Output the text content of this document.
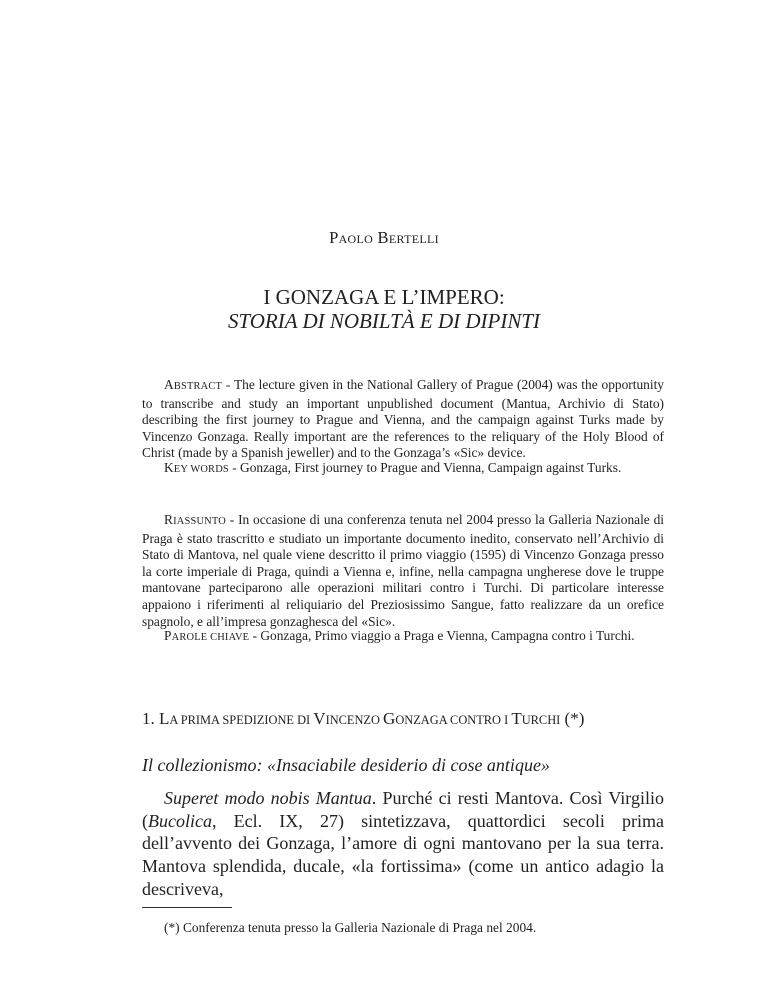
PAOLO BERTELLI
I GONZAGA E L’IMPERO:
STORIA DI NOBILTÀ E DI DIPINTI

ABSTRACT - The lecture given in the National Gallery of Prague (2004) was the opportunity to transcribe and study an important unpublished document (Mantua, Archivio di Stato) describing the first journey to Prague and Vienna, and the campaign against Turks made by Vincenzo Gonzaga. Really important are the references to the reliquary of the Holy Blood of Christ (made by a Spanish jeweller) and to the Gonzaga’s «Sic» device.

KEY WORDS - Gonzaga, First journey to Prague and Vienna, Campaign against Turks.

RIASSUNTO - In occasione di una conferenza tenuta nel 2004 presso la Galleria Nazionale di Praga è stato trascritto e studiato un importante documento inedito, conservato nell’Archivio di Stato di Mantova, nel quale viene descritto il primo viaggio (1595) di Vincenzo Gonzaga presso la corte imperiale di Praga, quindi a Vienna e, infine, nella campagna ungherese dove le truppe mantovane parteciparono alle operazioni militari contro i Turchi. Di particolare interesse appaiono i riferimenti al reliquiario del Preziosissimo Sangue, fatto realizzare da un orefice spagnolo, e all’impresa gonzaghesca del «Sic».

PAROLE CHIAVE - Gonzaga, Primo viaggio a Praga e Vienna, Campagna contro i Turchi.

1. LA PRIMA SPEDIZIONE DI VINCENZO GONZAGA CONTRO I TURCHI (*)
Il collezionismo: «Insaciabile desiderio di cose antique»

Superet modo nobis Mantua. Purché ci resti Mantova. Così Virgilio (Bucolica, Ecl. IX, 27) sintetizzava, quattordici secoli prima dell’avvento dei Gonzaga, l’amore di ogni mantovano per la sua terra. Mantova splendida, ducale, «la fortissima» (come un antico adagio la descriveva,

(*) Conferenza tenuta presso la Galleria Nazionale di Praga nel 2004.
